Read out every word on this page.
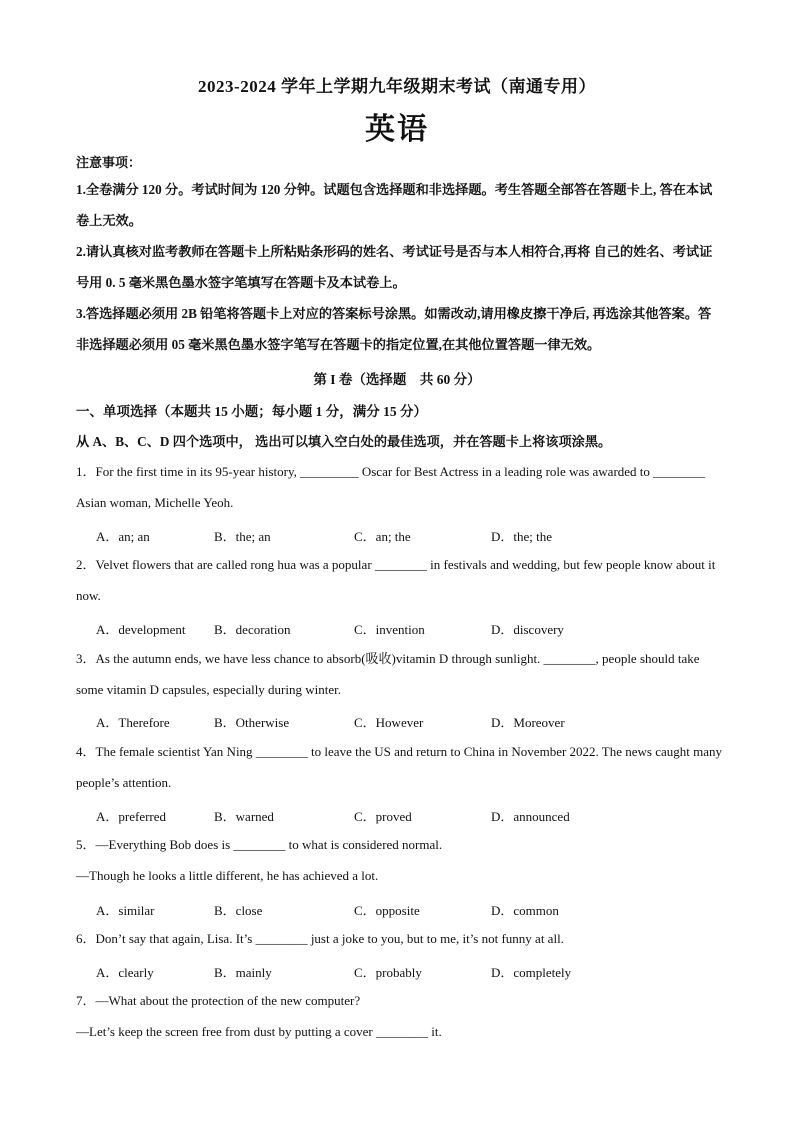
2023-2024 学年上学期九年级期末考试（南通专用）
英语
注意事项：
1.全卷满分 120 分。考试时间为 120 分钟。试题包含选择题和非选择题。考生答题全部答在答题卡上, 答在本试卷上无效。
2.请认真核对监考教师在答题卡上所粘贴条形码的姓名、考试证号是否与本人相符合,再将 自己的姓名、考试证号用 0. 5 毫米黑色墨水签字笔填写在答题卡及本试卷上。
3.答选择题必须用 2B 铅笔将答题卡上对应的答案标号涂黑。如需改动,请用橡皮擦干净后, 再选涂其他答案。答非选择题必须用 05 毫米黑色墨水签字笔写在答题卡的指定位置,在其他位置答题一律无效。
第 I 卷（选择题　共 60 分）
一、单项选择（本题共 15 小题；每小题 1 分，满分 15 分）
从 A、B、C、D 四个选项中， 选出可以填入空白处的最佳选项，并在答题卡上将该项涂黑。
1．For the first time in its 95-year history, _________ Oscar for Best Actress in a leading role was awarded to ________ Asian woman, Michelle Yeoh.
A．an; an	B．the; an	C．an; the	D．the; the
2．Velvet flowers that are called rong hua was a popular ________ in festivals and wedding, but few people know about it now.
A．development B．decoration	C．invention	D．discovery
3．As the autumn ends, we have less chance to absorb(吸收)vitamin D through sunlight. ________, people should take some vitamin D capsules, especially during winter.
A．Therefore	B．Otherwise	C．However	D．Moreover
4．The female scientist Yan Ning ________ to leave the US and return to China in November 2022. The news caught many people’s attention.
A．preferred	B．warned	C．proved	D．announced
5．—Everything Bob does is ________ to what is considered normal.
—Though he looks a little different, he has achieved a lot.
A．similar	B．close	C．opposite	D．common
6．Don’t say that again, Lisa. It’s ________ just a joke to you, but to me, it’s not funny at all.
A．clearly	B．mainly	C．probably	D．completely
7．—What about the protection of the new computer?
—Let’s keep the screen free from dust by putting a cover ________ it.
